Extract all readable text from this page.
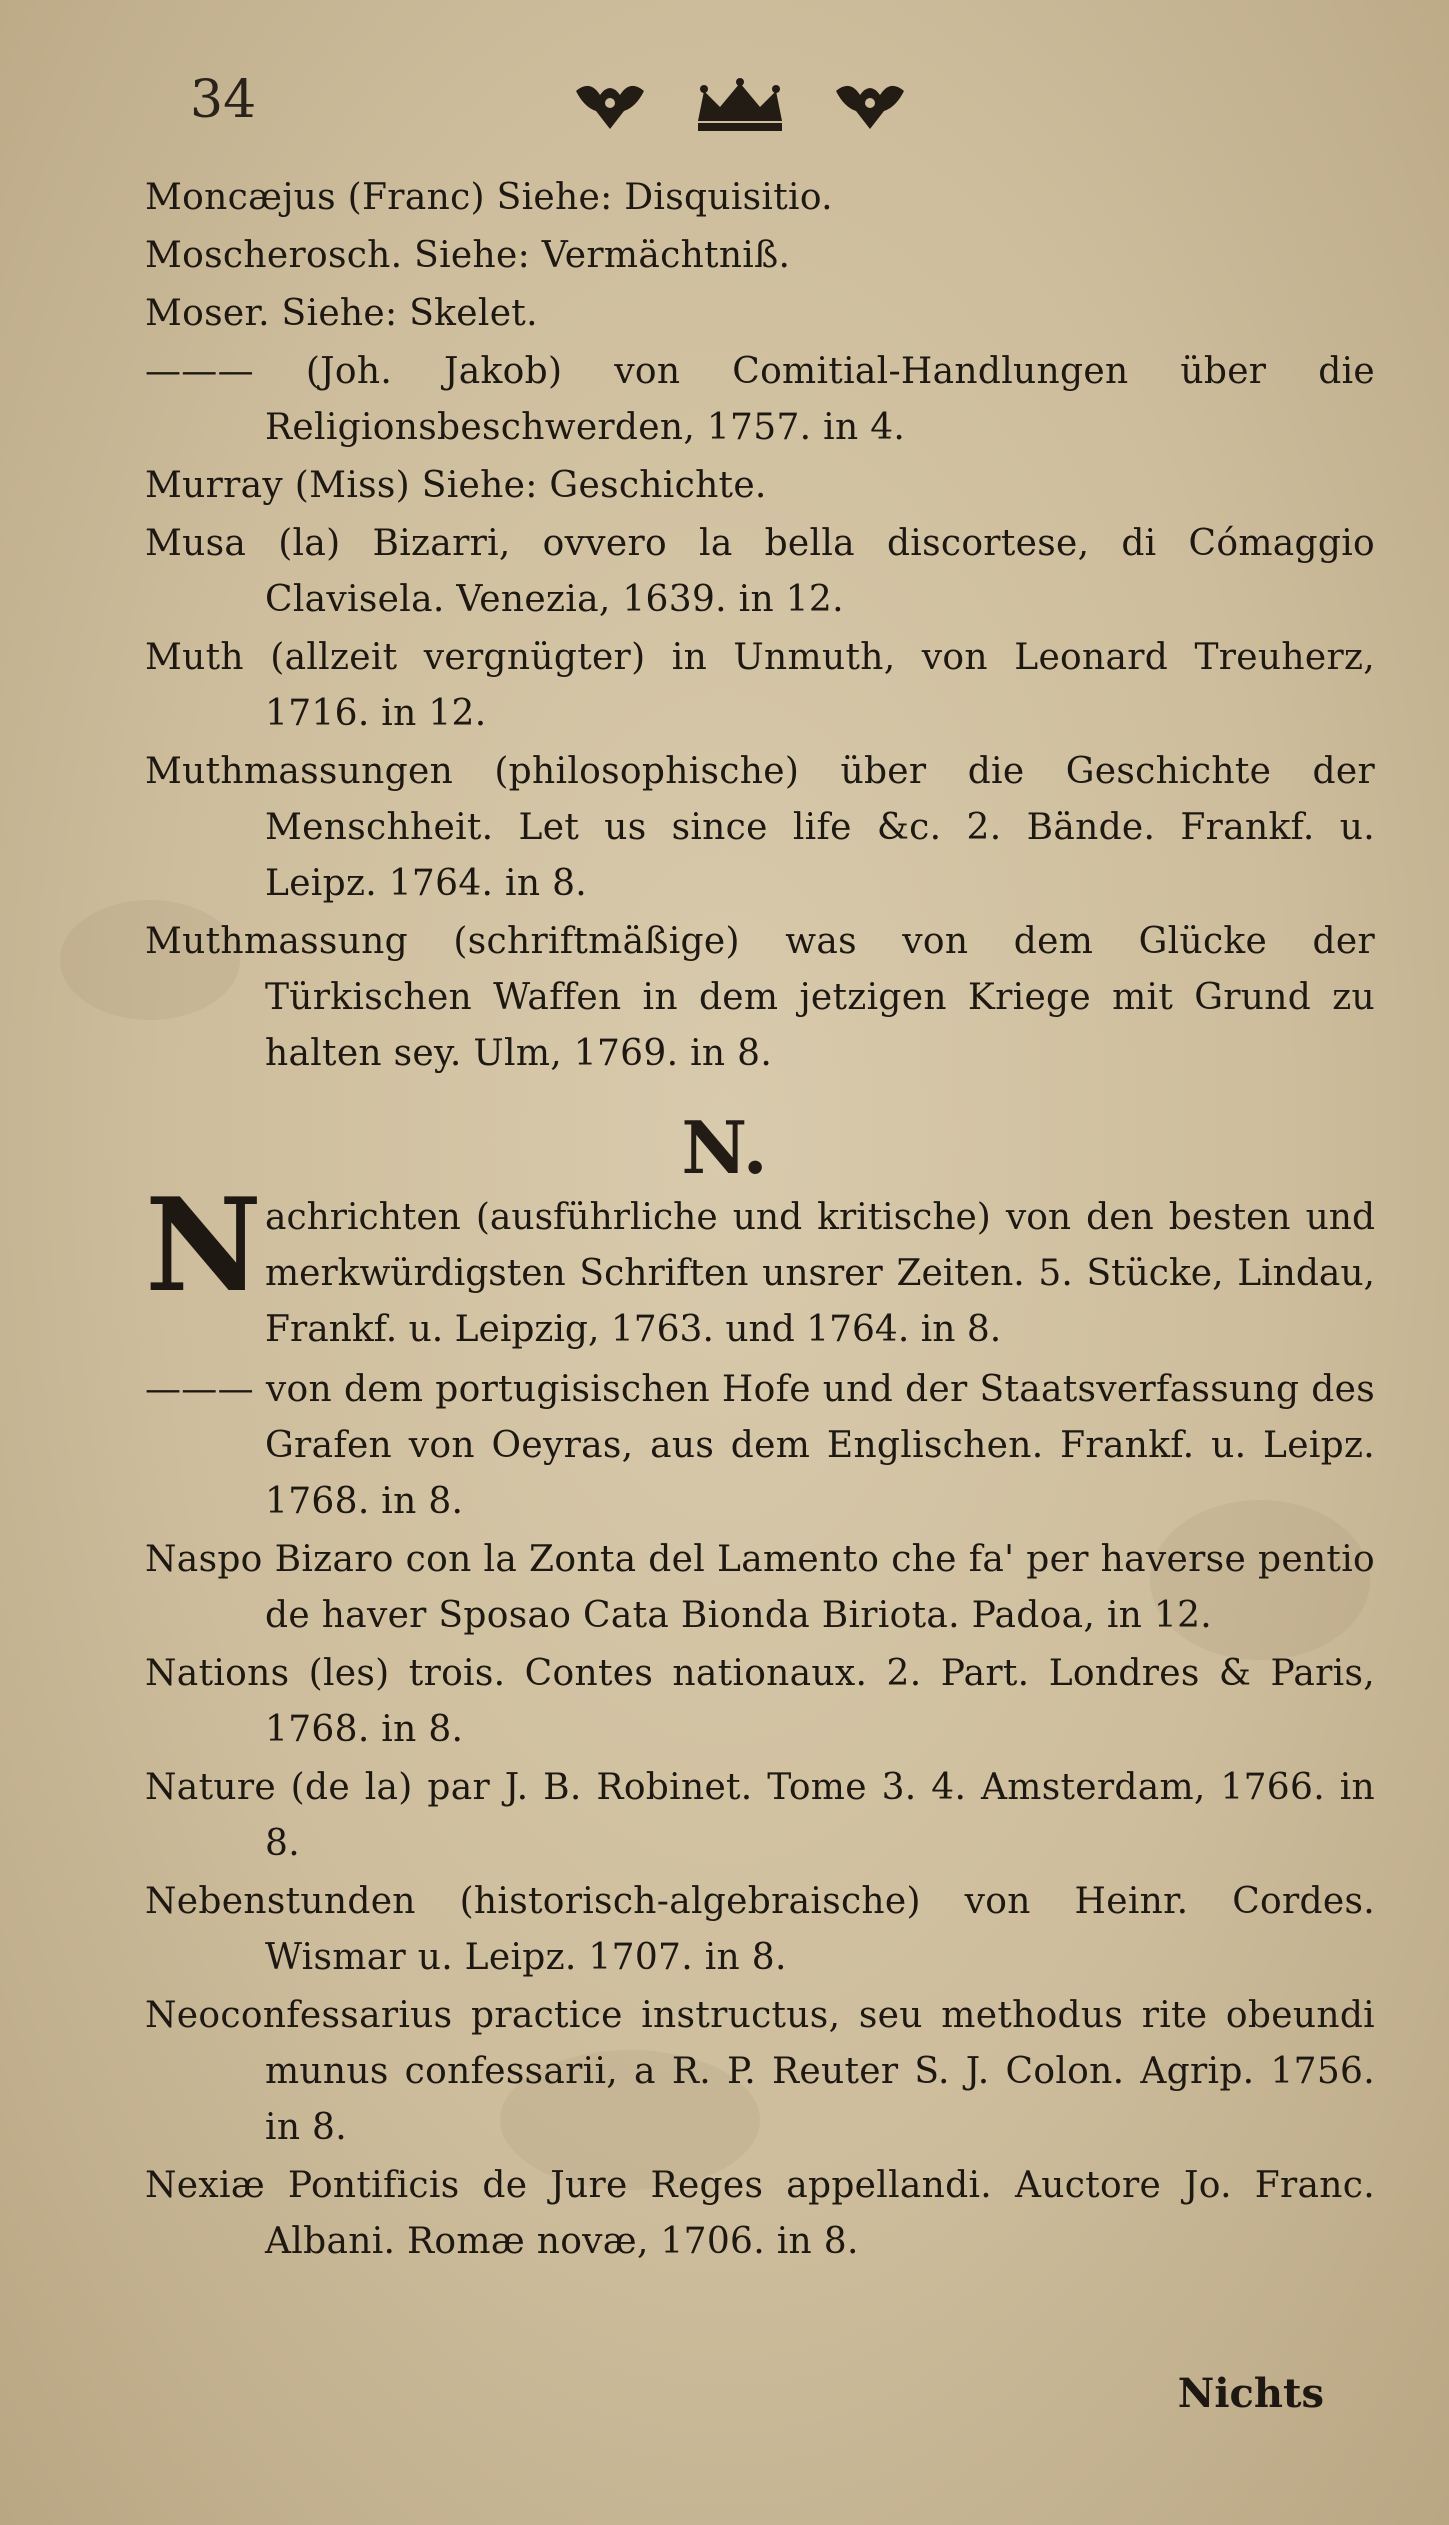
34

Moncæjus (Franc) Siehe: Disquisitio.

Moscherosch. Siehe: Vermächtniß.

Moser. Siehe: Skelet.

——— (Joh. Jakob) von Comitial-Handlungen über die Religionsbeschwerden, 1757. in 4.

Murray (Miss) Siehe: Geschichte.

Musa (la) Bizarri, ovvero la bella discortese, di Cómaggio Clavisela. Venezia, 1639. in 12.

Muth (allzeit vergnügter) in Unmuth, von Leonard Treuherz, 1716. in 12.

Muthmassungen (philosophische) über die Geschichte der Menschheit. Let us since life &c. 2. Bände. Frankf. u. Leipz. 1764. in 8.

Muthmassung (schriftmäßige) was von dem Glücke der Türkischen Waffen in dem jetzigen Kriege mit Grund zu halten sey. Ulm, 1769. in 8.

N.
N achrichten (ausführliche und kritische) von den besten und merkwürdigsten Schriften unsrer Zeiten. 5. Stücke, Lindau, Frankf. u. Leipzig, 1763. und 1764. in 8.

——— von dem portugisischen Hofe und der Staatsverfassung des Grafen von Oeyras, aus dem Englischen. Frankf. u. Leipz. 1768. in 8.

Naspo Bizaro con la Zonta del Lamento che fa' per haverse pentio de haver Sposao Cata Bionda Biriota. Padoa, in 12.

Nations (les) trois. Contes nationaux. 2. Part. Londres & Paris, 1768. in 8.

Nature (de la) par J. B. Robinet. Tome 3. 4. Amsterdam, 1766. in 8.

Nebenstunden (historisch-algebraische) von Heinr. Cordes. Wismar u. Leipz. 1707. in 8.

Neoconfessarius practice instructus, seu methodus rite obeundi munus confessarii, a R. P. Reuter S. J. Colon. Agrip. 1756. in 8.

Nexiæ Pontificis de Jure Reges appellandi. Auctore Jo. Franc. Albani. Romæ novæ, 1706. in 8.

Nichts
